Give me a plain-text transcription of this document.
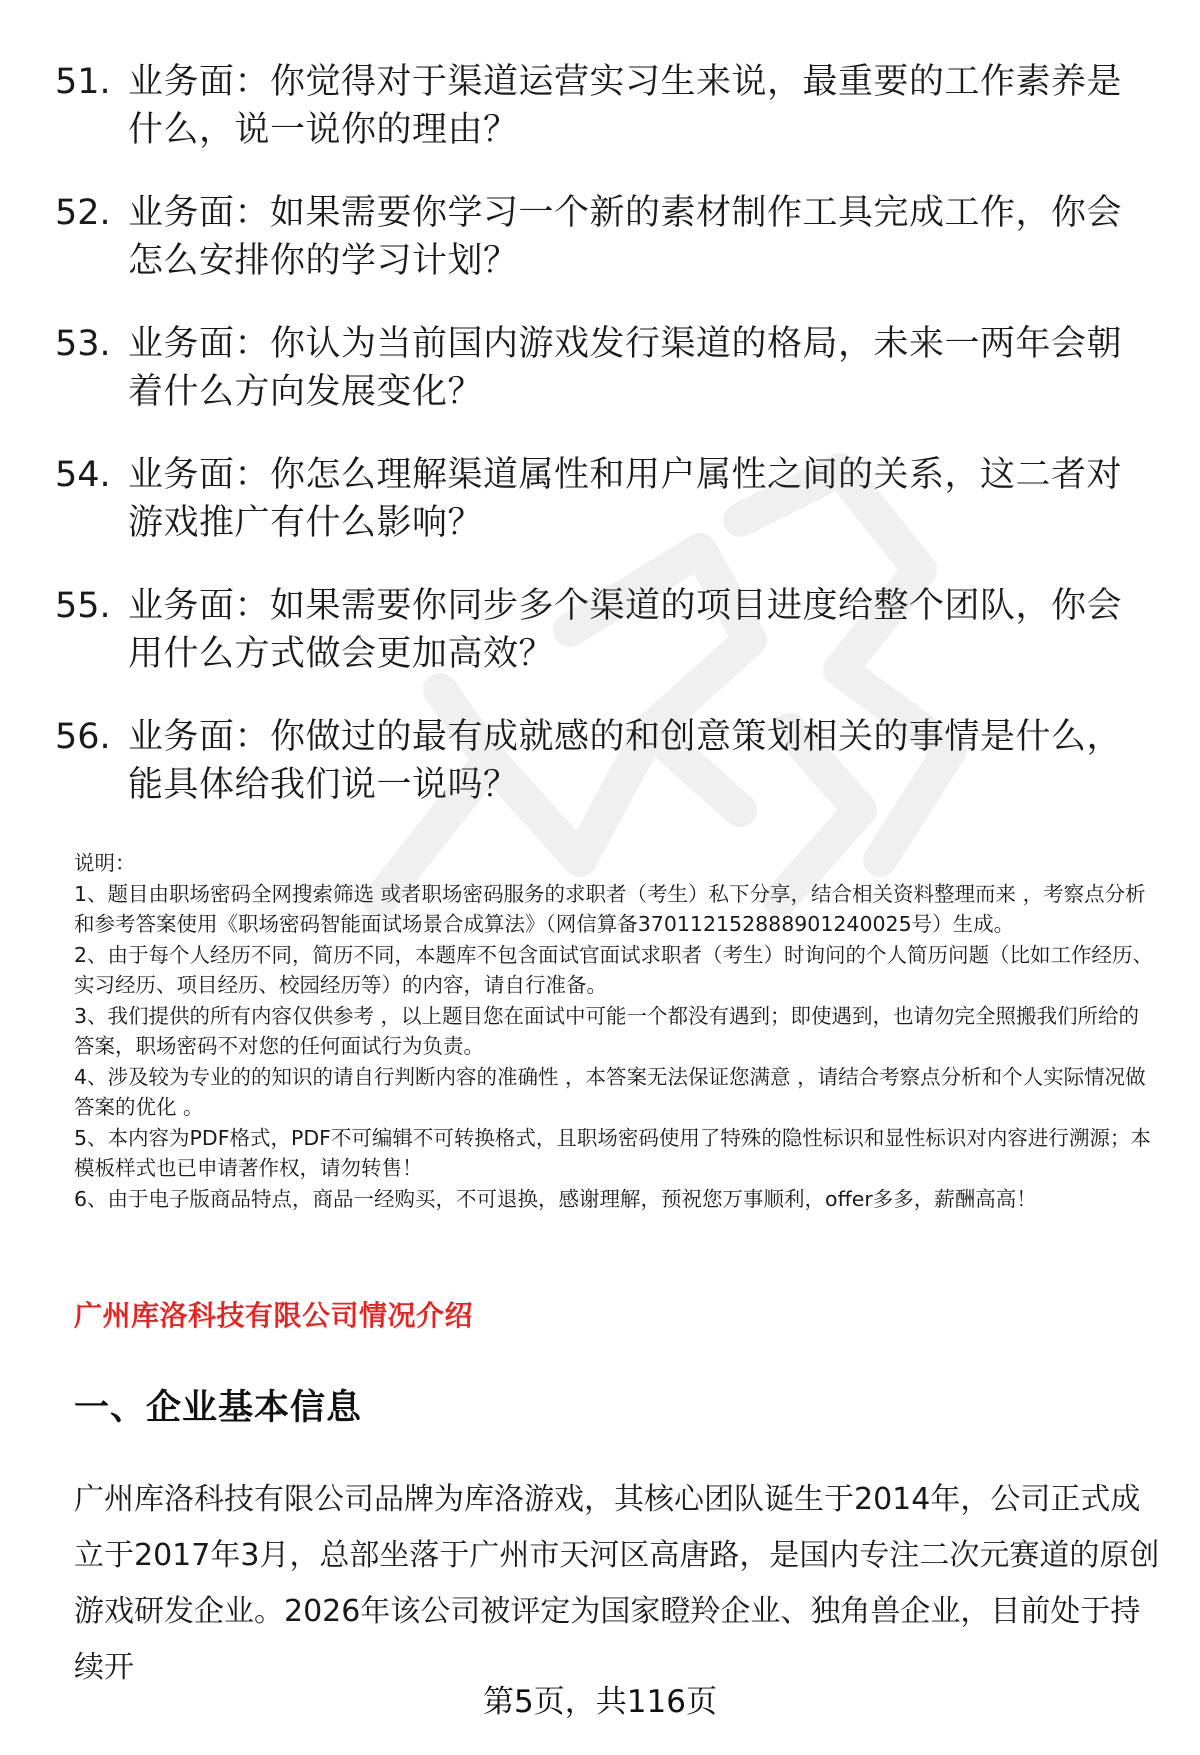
51. 业务面：你觉得对于渠道运营实习生来说，最重要的工作素养是什么，说一说你的理由？
52. 业务面：如果需要你学习一个新的素材制作工具完成工作，你会怎么安排你的学习计划？
53. 业务面：你认为当前国内游戏发行渠道的格局，未来一两年会朝着什么方向发展变化？
54. 业务面：你怎么理解渠道属性和用户属性之间的关系，这二者对游戏推广有什么影响？
55. 业务面：如果需要你同步多个渠道的项目进度给整个团队，你会用什么方式做会更加高效？
56. 业务面：你做过的最有成就感的和创意策划相关的事情是什么，能具体给我们说一说吗？

说明：

1、题目由职场密码全网搜索筛选 或者职场密码服务的求职者（考生）私下分享，结合相关资料整理而来 ，考察点分析和参考答案使用《职场密码智能面试场景合成算法》（网信算备370112152888901240025号）生成。

2、由于每个人经历不同，简历不同，本题库不包含面试官面试求职者（考生）时询问的个人简历问题（比如工作经历、实习经历、项目经历、校园经历等）的内容，请自行准备。

3、我们提供的所有内容仅供参考 ，以上题目您在面试中可能一个都没有遇到；即使遇到，也请勿完全照搬我们所给的答案，职场密码不对您的任何面试行为负责。

4、涉及较为专业的的知识的请自行判断内容的准确性 ，本答案无法保证您满意 ，请结合考察点分析和个人实际情况做答案的优化 。

5、本内容为PDF格式，PDF不可编辑不可转换格式，且职场密码使用了特殊的隐性标识和显性标识对内容进行溯源；本模板样式也已申请著作权，请勿转售！

6、由于电子版商品特点，商品一经购买，不可退换，感谢理解，预祝您万事顺利，offer多多，薪酬高高！

广州库洛科技有限公司情况介绍
一、企业基本信息
广州库洛科技有限公司品牌为库洛游戏，其核心团队诞生于2014年，公司正式成立于2017年3月，总部坐落于广州市天河区高唐路，是国内专注二次元赛道的原创游戏研发企业。2026年该公司被评定为国家瞪羚企业、独角兽企业，目前处于持续开
第5页，共116页
